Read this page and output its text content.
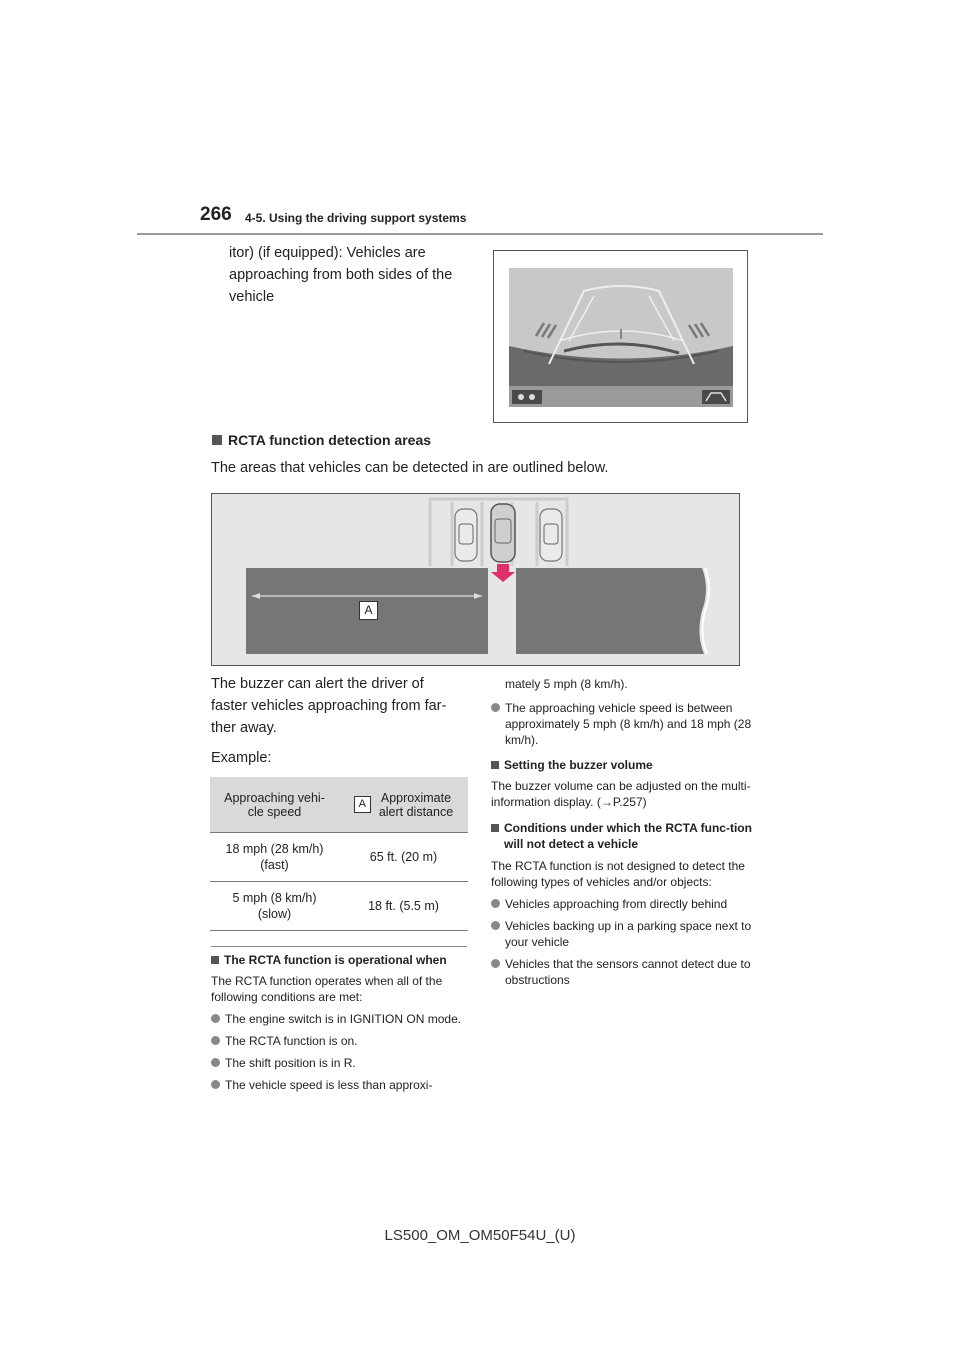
266 4-5. Using the driving support systems
itor) (if equipped): Vehicles are
approaching from both sides of the
vehicle
RCTA function detection areas
The areas that vehicles can be detected in are outlined below.
A
The buzzer can alert the driver of
faster vehicles approaching from far-
ther away.
Example:
Approaching vehi-
cle speed	A Approximate
alert distance

18 mph (28 km/h)
(fast)	65 ft. (20 m)

5 mph (8 km/h)
(slow)	18 ft. (5.5 m)
The RCTA function is operational when
The RCTA function operates when all of the following conditions are met:
The engine switch is in IGNITION ON mode.
The RCTA function is on.
The shift position is in R.
The vehicle speed is less than approxi-
mately 5 mph (8 km/h).
The approaching vehicle speed is between approximately 5 mph (8 km/h) and 18 mph (28 km/h).
Setting the buzzer volume
The buzzer volume can be adjusted on the multi-information display. (→P.257)
Conditions under which the RCTA func-tion will not detect a vehicle
The RCTA function is not designed to detect the following types of vehicles and/or objects:
Vehicles approaching from directly behind
Vehicles backing up in a parking space next to your vehicle
Vehicles that the sensors cannot detect due to obstructions
LS500_OM_OM50F54U_(U)
